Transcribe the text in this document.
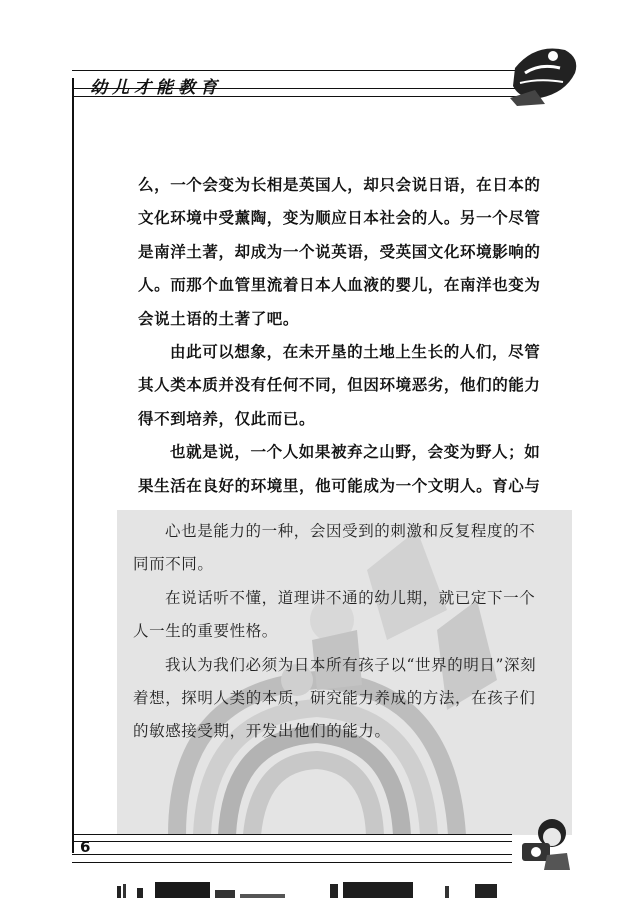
幼儿才能教育

么，一个会变为长相是英国人，却只会说日语，在日本的文化环境中受薰陶，变为顺应日本社会的人。另一个尽管是南洋土著，却成为一个说英语，受英国文化环境影响的人。而那个血管里流着日本人血液的婴儿，在南洋也变为会说土语的土著了吧。

由此可以想象，在未开垦的土地上生长的人们，尽管其人类本质并没有任何不同，但因环境恶劣，他们的能力得不到培养，仅此而已。

也就是说，一个人如果被弃之山野，会变为野人；如果生活在良好的环境里，他可能成为一个文明人。育心与

心也是能力的一种，会因受到的刺激和反复程度的不同而不同。

在说话听不懂，道理讲不通的幼儿期，就已定下一个人一生的重要性格。

我认为我们必须为日本所有孩子以“世界的明日”深刻着想，探明人类的本质，研究能力养成的方法，在孩子们的敏感接受期，开发出他们的能力。

6
